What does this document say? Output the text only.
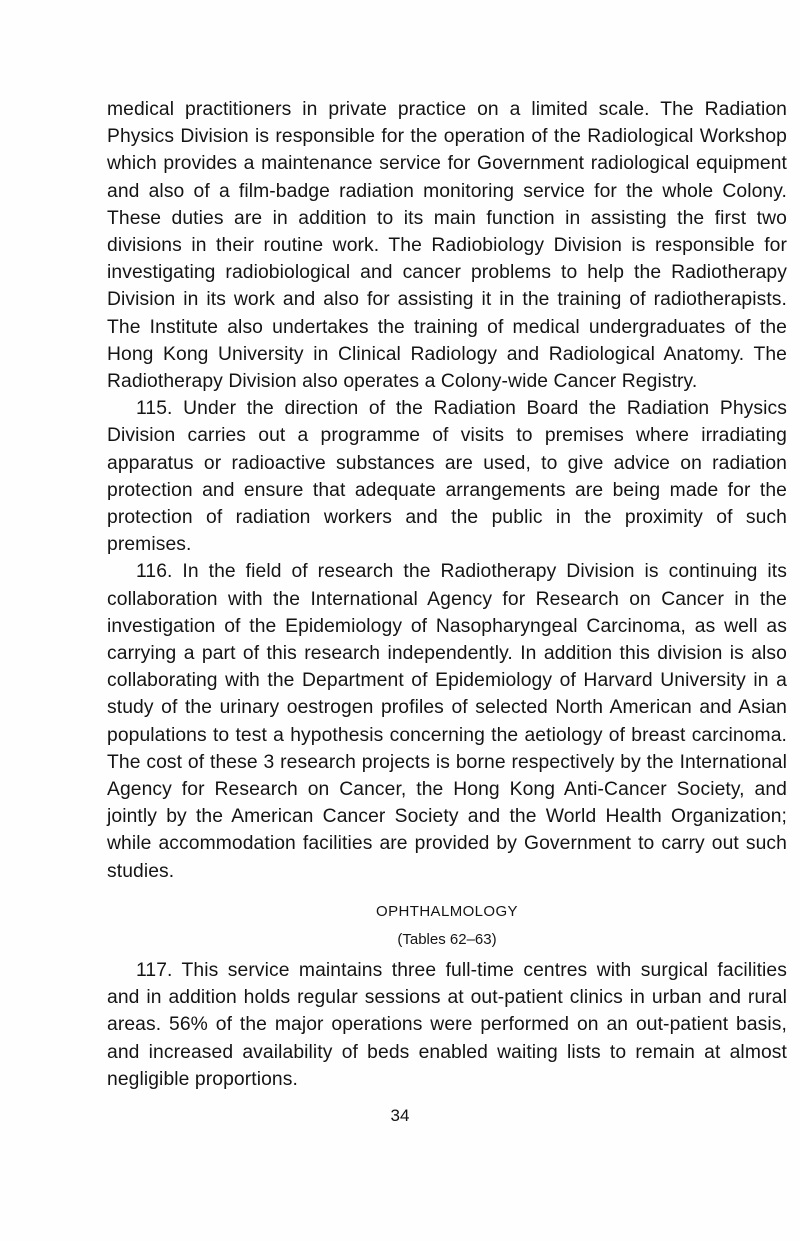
medical practitioners in private practice on a limited scale. The Radiation Physics Division is responsible for the operation of the Radiological Workshop which provides a maintenance service for Government radiological equipment and also of a film-badge radiation monitoring service for the whole Colony. These duties are in addition to its main function in assisting the first two divisions in their routine work. The Radiobiology Division is responsible for investigating radiobiological and cancer problems to help the Radiotherapy Division in its work and also for assisting it in the training of radiotherapists. The Institute also undertakes the training of medical undergraduates of the Hong Kong University in Clinical Radiology and Radiological Anatomy. The Radiotherapy Division also operates a Colony-wide Cancer Registry.

115. Under the direction of the Radiation Board the Radiation Physics Division carries out a programme of visits to premises where irradiating apparatus or radioactive substances are used, to give advice on radiation protection and ensure that adequate arrangements are being made for the protection of radiation workers and the public in the proximity of such premises.

116. In the field of research the Radiotherapy Division is continuing its collaboration with the International Agency for Research on Cancer in the investigation of the Epidemiology of Nasopharyngeal Carcinoma, as well as carrying a part of this research independently. In addition this division is also collaborating with the Department of Epidemiology of Harvard University in a study of the urinary oestrogen profiles of selected North American and Asian populations to test a hypothesis concerning the aetiology of breast carcinoma. The cost of these 3 research projects is borne respectively by the International Agency for Research on Cancer, the Hong Kong Anti-Cancer Society, and jointly by the American Cancer Society and the World Health Organization; while accommodation facilities are provided by Government to carry out such studies.

OPHTHALMOLOGY
(Tables 62–63)

117. This service maintains three full-time centres with surgical facilities and in addition holds regular sessions at out-patient clinics in urban and rural areas. 56% of the major operations were performed on an out-patient basis, and increased availability of beds enabled waiting lists to remain at almost negligible proportions.

34
